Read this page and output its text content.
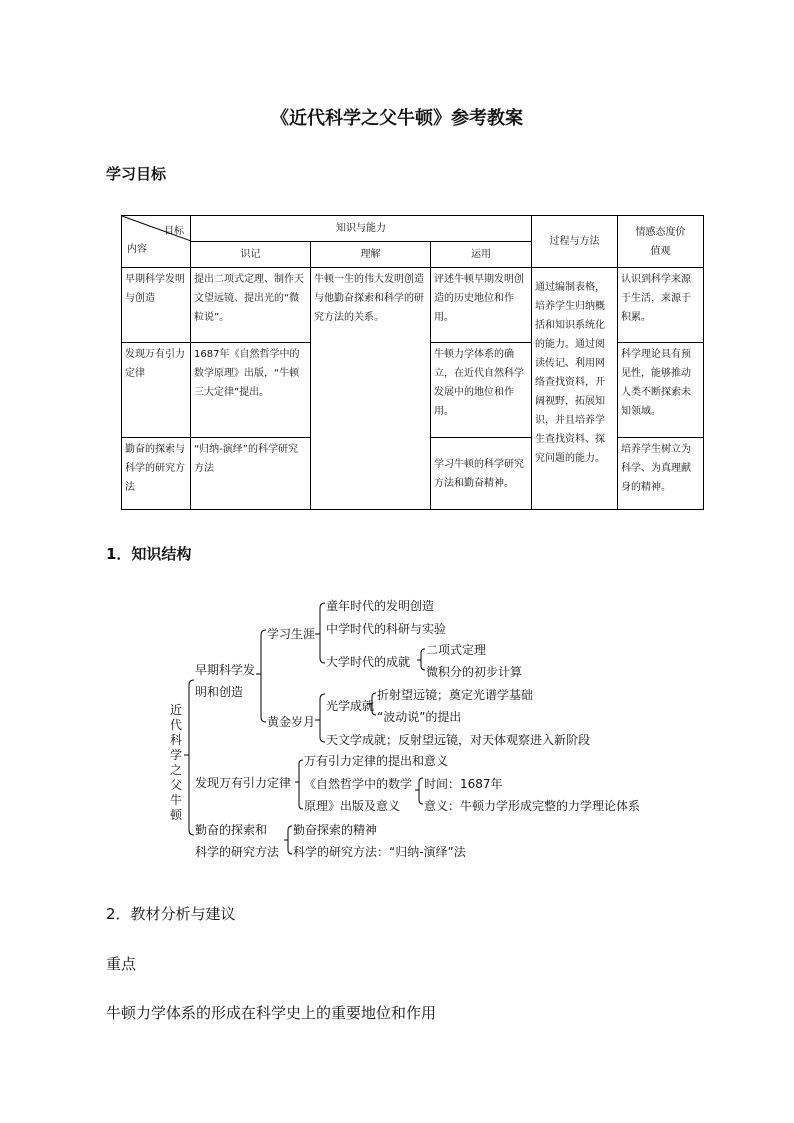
《近代科学之父牛顿》参考教案
学习目标
目标
内容	知识与能力			过程与方法	情感态度价值观
	识记	理解	运用		
早期科学发明与创造	提出二项式定理、制作天文望远镜、提出光的“微粒说”。	牛顿一生的伟大发明创造与他勤奋探索和科学的研究方法的关系。	评述牛顿早期发明创造的历史地位和作用。	通过编制表格，培养学生归纳概括和知识系统化的能力。通过阅读传记、利用网络查找资料，开阔视野，拓展知识，并且培养学生查找资料、探究问题的能力。	认识到科学来源于生活，来源于积累。
发现万有引力定律	1687年《自然哲学中的数学原理》出版，“牛顿三大定律”提出。		牛顿力学体系的确立，在近代自然科学发展中的地位和作用。		科学理论具有预见性，能够推动人类不断探索未知领域。
勤奋的探索与科学的研究方法	“归纳-演绎”的科学研究方法		学习牛顿的科学研究方法和勤奋精神。		培养学生树立为科学、为真理献身的精神。
1．知识结构
近代科学之父牛顿
早期科学发明和创造
学习生涯
童年时代的发明创造
中学时代的科研与实验
大学时代的成就
二项式定理
微积分的初步计算
黄金岁月
光学成就
折射望远镜；奠定光谱学基础
“波动说”的提出
天文学成就；反射望远镜，对天体观察进入新阶段
发现万有引力定律
万有引力定律的提出和意义
《自然哲学中的数学
原理》出版及意义
时间：1687年
意义：牛顿力学形成完整的力学理论体系
勤奋的探索和
科学的研究方法
勤奋探索的精神
科学的研究方法：“归纳-演绎”法
2．教材分析与建议
重点
牛顿力学体系的形成在科学史上的重要地位和作用
